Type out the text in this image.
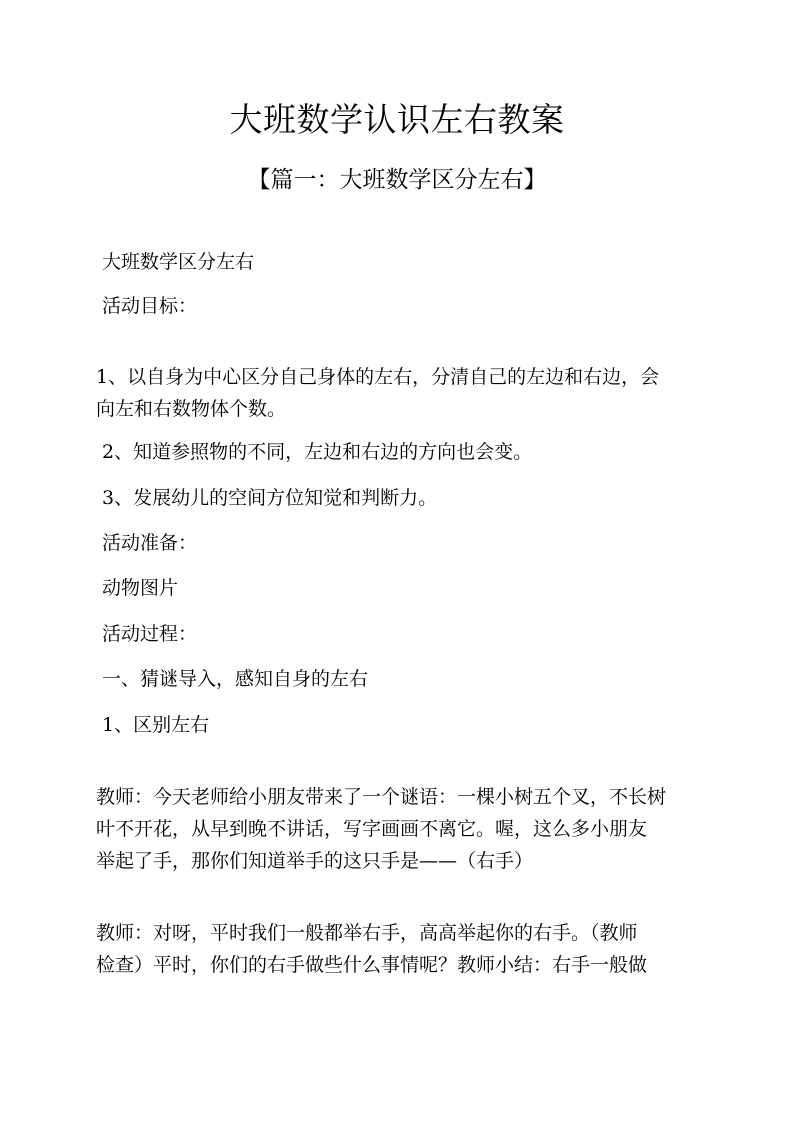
大班数学认识左右教案
【篇一：大班数学区分左右】
大班数学区分左右
活动目标：
1、以自身为中心区分自己身体的左右，分清自己的左边和右边，会
向左和右数物体个数。
2、知道参照物的不同，左边和右边的方向也会变。
3、发展幼儿的空间方位知觉和判断力。
活动准备：
动物图片
活动过程：
一、猜谜导入，感知自身的左右
1、区别左右
教师：今天老师给小朋友带来了一个谜语：一棵小树五个叉，不长树
叶不开花，从早到晚不讲话，写字画画不离它。喔，这么多小朋友
举起了手，那你们知道举手的这只手是——（右手）
教师：对呀，平时我们一般都举右手，高高举起你的右手。（教师
检查）平时，你们的右手做些什么事情呢？教师小结：右手一般做
